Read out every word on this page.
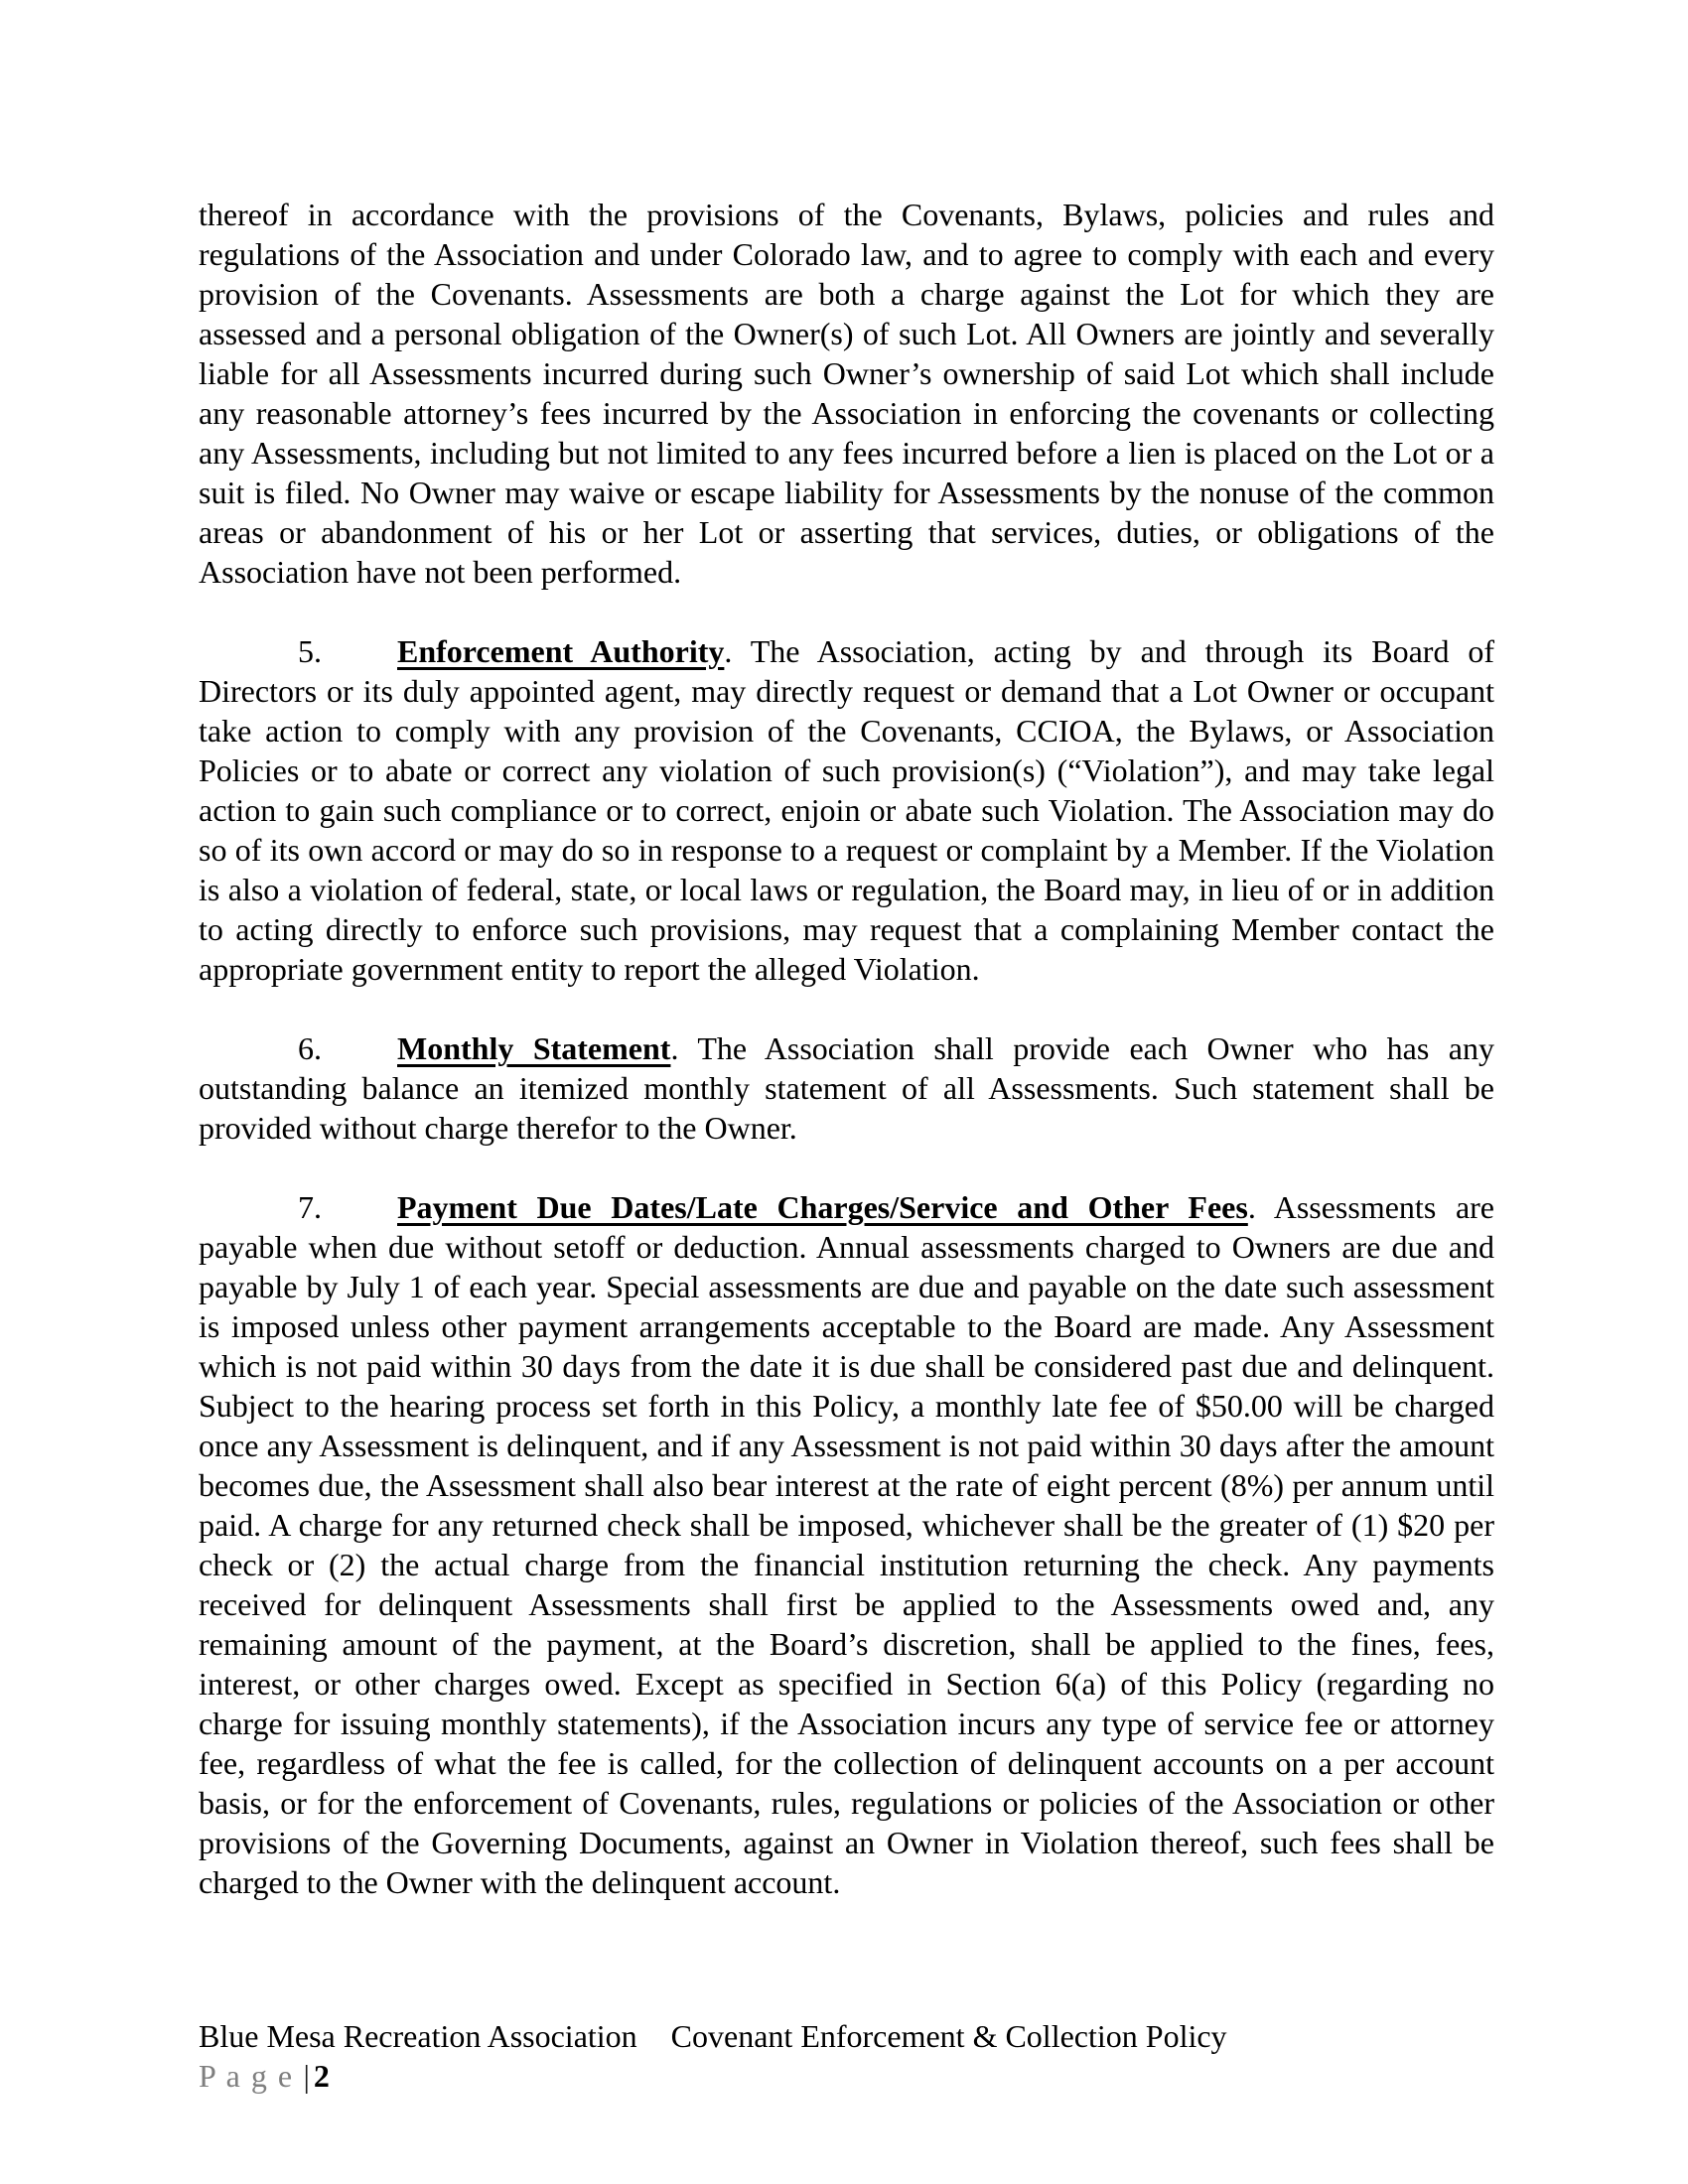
thereof in accordance with the provisions of the Covenants, Bylaws, policies and rules and regulations of the Association and under Colorado law, and to agree to comply with each and every provision of the Covenants. Assessments are both a charge against the Lot for which they are assessed and a personal obligation of the Owner(s) of such Lot. All Owners are jointly and severally liable for all Assessments incurred during such Owner’s ownership of said Lot which shall include any reasonable attorney’s fees incurred by the Association in enforcing the covenants or collecting any Assessments, including but not limited to any fees incurred before a lien is placed on the Lot or a suit is filed. No Owner may waive or escape liability for Assessments by the nonuse of the common areas or abandonment of his or her Lot or asserting that services, duties, or obligations of the Association have not been performed.

5. Enforcement Authority. The Association, acting by and through its Board of Directors or its duly appointed agent, may directly request or demand that a Lot Owner or occupant take action to comply with any provision of the Covenants, CCIOA, the Bylaws, or Association Policies or to abate or correct any violation of such provision(s) (“Violation”), and may take legal action to gain such compliance or to correct, enjoin or abate such Violation. The Association may do so of its own accord or may do so in response to a request or complaint by a Member. If the Violation is also a violation of federal, state, or local laws or regulation, the Board may, in lieu of or in addition to acting directly to enforce such provisions, may request that a complaining Member contact the appropriate government entity to report the alleged Violation.

6. Monthly Statement. The Association shall provide each Owner who has any outstanding balance an itemized monthly statement of all Assessments. Such statement shall be provided without charge therefor to the Owner.

7. Payment Due Dates/Late Charges/Service and Other Fees. Assessments are payable when due without setoff or deduction. Annual assessments charged to Owners are due and payable by July 1 of each year. Special assessments are due and payable on the date such assessment is imposed unless other payment arrangements acceptable to the Board are made. Any Assessment which is not paid within 30 days from the date it is due shall be considered past due and delinquent. Subject to the hearing process set forth in this Policy, a monthly late fee of $50.00 will be charged once any Assessment is delinquent, and if any Assessment is not paid within 30 days after the amount becomes due, the Assessment shall also bear interest at the rate of eight percent (8%) per annum until paid. A charge for any returned check shall be imposed, whichever shall be the greater of (1) $20 per check or (2) the actual charge from the financial institution returning the check. Any payments received for delinquent Assessments shall first be applied to the Assessments owed and, any remaining amount of the payment, at the Board’s discretion, shall be applied to the fines, fees, interest, or other charges owed. Except as specified in Section 6(a) of this Policy (regarding no charge for issuing monthly statements), if the Association incurs any type of service fee or attorney fee, regardless of what the fee is called, for the collection of delinquent accounts on a per account basis, or for the enforcement of Covenants, rules, regulations or policies of the Association or other provisions of the Governing Documents, against an Owner in Violation thereof, such fees shall be charged to the Owner with the delinquent account.

Blue Mesa Recreation Association Covenant Enforcement & Collection Policy
P a g e | 2
